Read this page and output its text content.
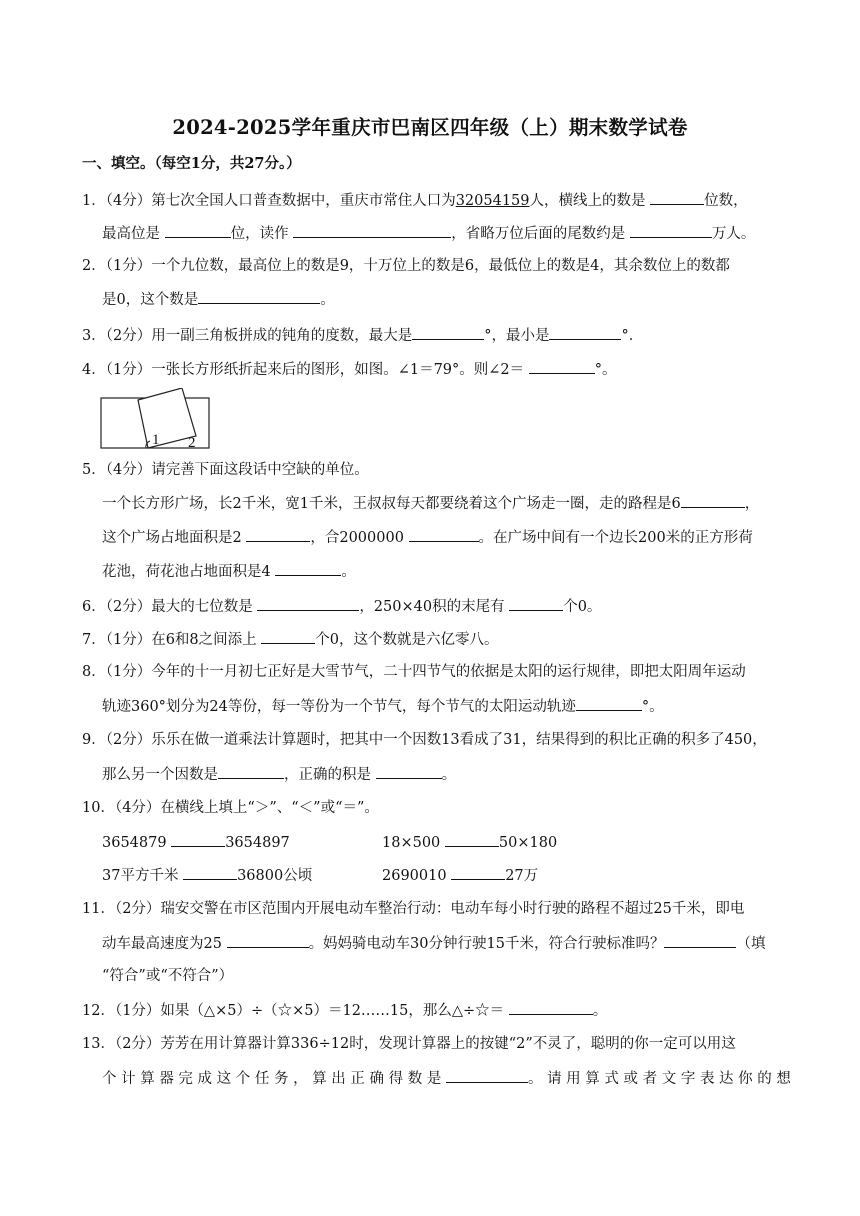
2024-2025学年重庆市巴南区四年级（上）期末数学试卷
一、填空。（每空1分，共27分。）
1．（4分）第七次全国人口普查数据中，重庆市常住人口为32054159人，横线上的数是	位数，
最高位是	位，读作	，省略万位后面的尾数约是	万人。
2．（1分）一个九位数，最高位上的数是9，十万位上的数是6，最低位上的数是4，其余数位上的数都
是0，这个数是	。
3．（2分）用一副三角板拼成的钝角的度数，最大是	°，最小是	°．
4．（1分）一张长方形纸折起来后的图形，如图。∠1＝79°。则∠2＝	°。
1 2
5．（4分）请完善下面这段话中空缺的单位。
一个长方形广场，长2千米，宽1千米，王叔叔每天都要绕着这个广场走一圈，走的路程是6	，
这个广场占地面积是2	，合2000000	。在广场中间有一个边长200米的正方形荷
花池，荷花池占地面积是4	。
6．（2分）最大的七位数是	，250×40积的末尾有	个0。
7．（1分）在6和8之间添上	个0，这个数就是六亿零八。
8．（1分）今年的十一月初七正好是大雪节气，二十四节气的依据是太阳的运行规律，即把太阳周年运动
轨迹360°划分为24等份，每一等份为一个节气，每个节气的太阳运动轨迹	°。
9．（2分）乐乐在做一道乘法计算题时，把其中一个因数13看成了31，结果得到的积比正确的积多了450，
那么另一个因数是	，正确的积是	。
10．（4分）在横线上填上“＞”、“＜”或“＝”。
3654879	3654897	18×500	50×180
37平方千米	36800公顷	2690010	27万
11．（2分）瑞安交警在市区范围内开展电动车整治行动：电动车每小时行驶的路程不超过25千米，即电
动车最高速度为25	。妈妈骑电动车30分钟行驶15千米，符合行驶标准吗？	（填
“符合”或“不符合”）
12．（1分）如果（△×5）÷（☆×5）＝12……15，那么△÷☆＝	。
13．（2分）芳芳在用计算器计算336÷12时，发现计算器上的按键“2”不灵了，聪明的你一定可以用这
个 计 算 器 完 成 这 个 任 务 ， 算 出 正 确 得 数 是	。 请 用 算 式 或 者 文 字 表 达 你 的 想
